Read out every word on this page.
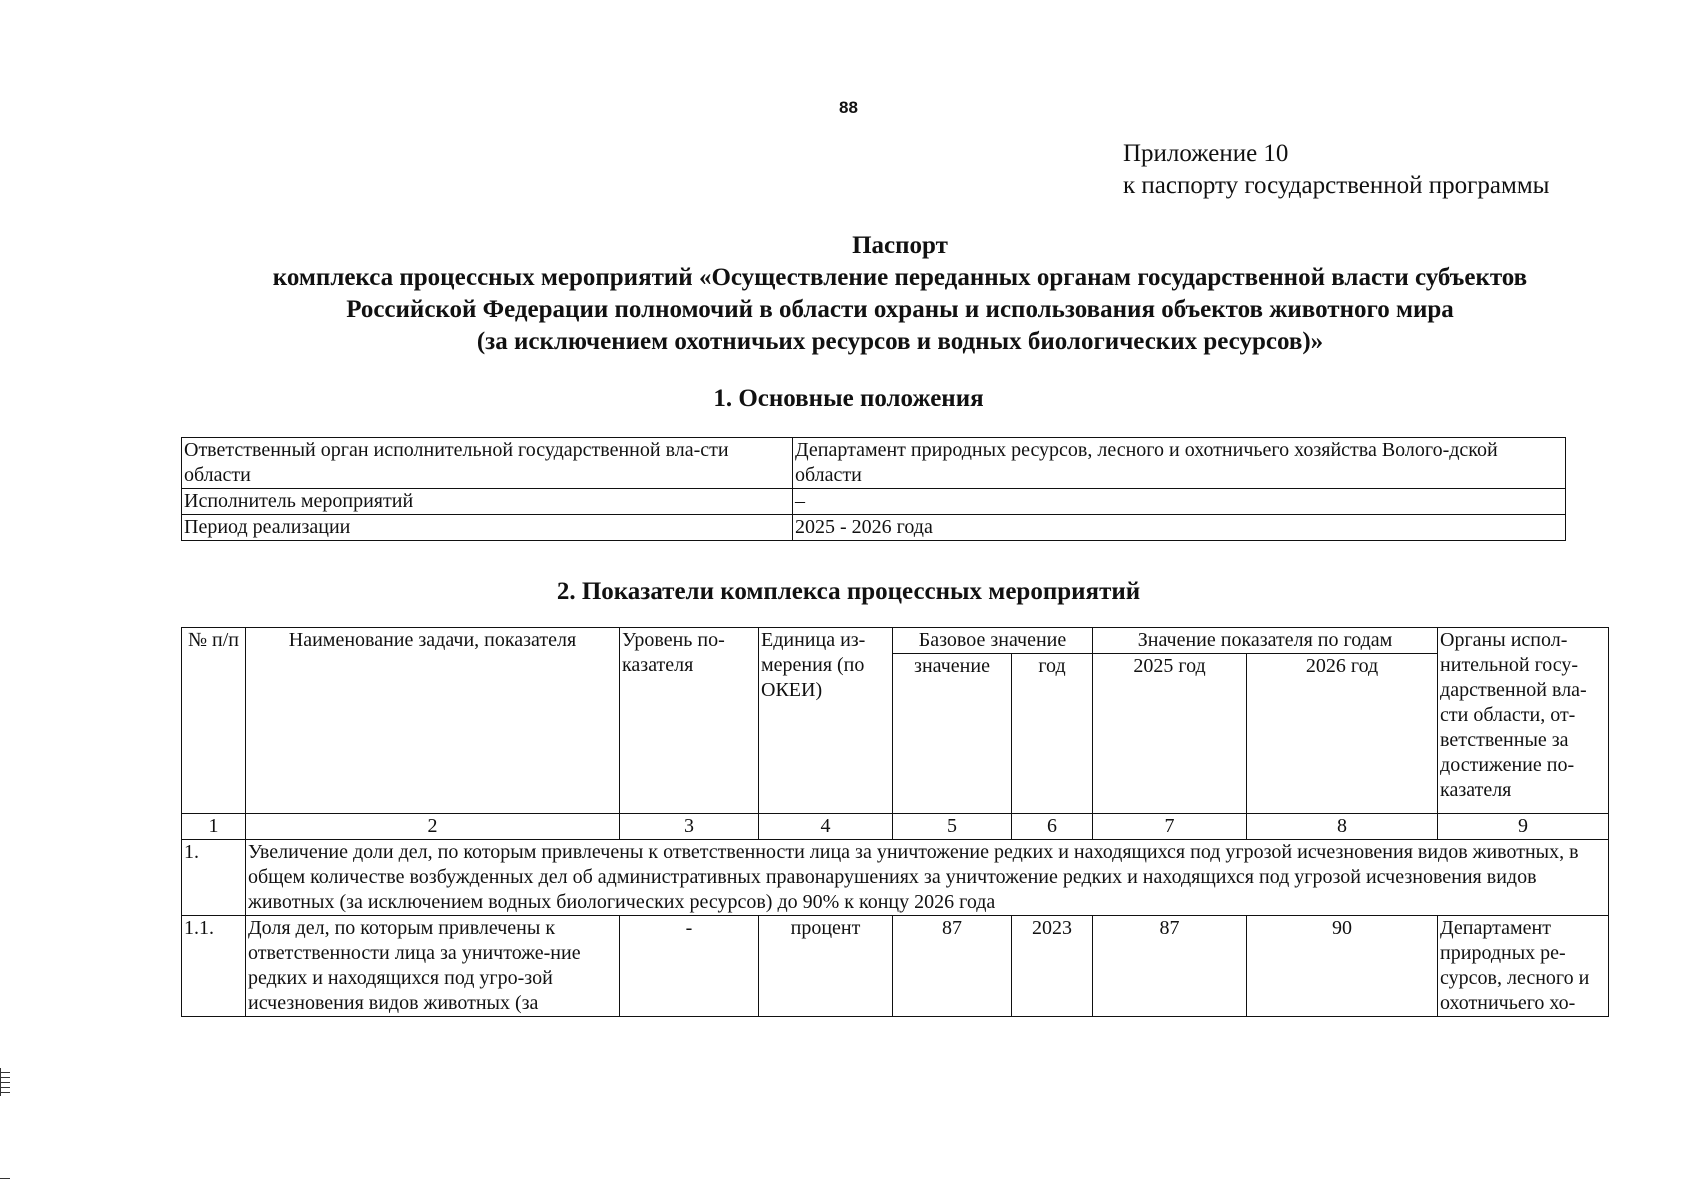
88
Приложение 10
к паспорту государственной программы
Паспорт
комплекса процессных мероприятий «Осуществление переданных органам государственной власти субъектов
Российской Федерации полномочий в области охраны и использования объектов животного мира
(за исключением охотничьих ресурсов и водных биологических ресурсов)»
1. Основные положения
Ответственный орган исполнительной государственной вла-сти области	Департамент природных ресурсов, лесного и охотничьего хозяйства Волого-дской области
Исполнитель мероприятий	–
Период реализации	2025 - 2026 года
2. Показатели комплекса процессных мероприятий
№ п/п	Наименование задачи, показателя	Уровень по-казателя	Единица из-мерения (по ОКЕИ)	Базовое значение		Значение показателя по годам		Органы испол-нительной госу-дарственной вла-сти области, от-ветственные за достижение по-казателя
				значение	год	2025 год	2026 год	
1	2	3	4	5	6	7	8	9
1.	Увеличение доли дел, по которым привлечены к ответственности лица за уничтожение редких и находящихся под угрозой исчезновения видов животных, в общем количестве возбужденных дел об административных правонарушениях за уничтожение редких и находящихся под угрозой исчезновения видов животных (за исключением водных биологических ресурсов) до 90% к концу 2026 года							
1.1.	Доля дел, по которым привлечены к ответственности лица за уничтоже-ние редких и находящихся под угро-зой исчезновения видов животных (за	-	процент	87	2023	87	90	Департамент природных ре-сурсов, лесного и охотничьего хо-
